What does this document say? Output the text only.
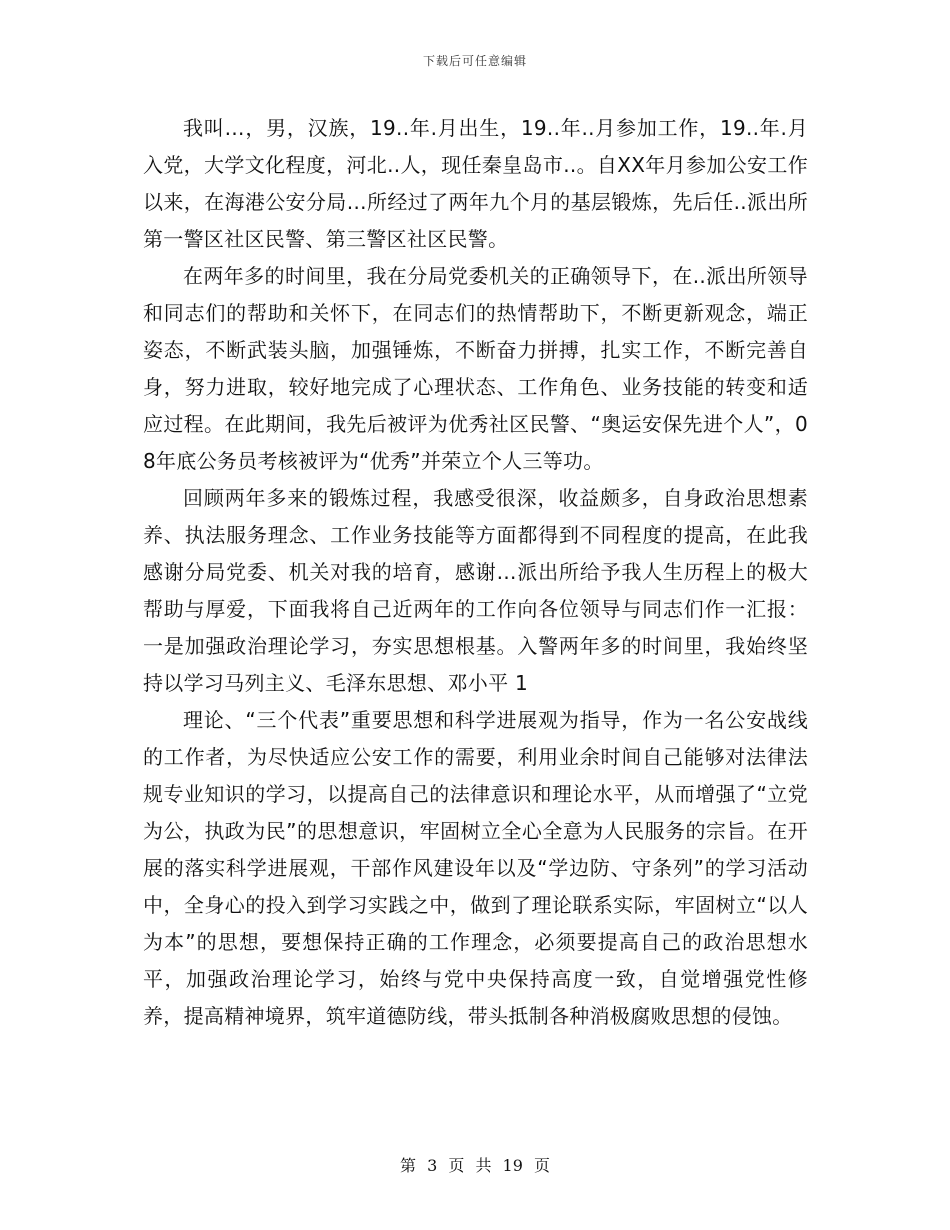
下载后可任意编辑

我叫…，男，汉族，19..年.月出生，19..年..月参加工作，19..年.月入党，大学文化程度，河北..人，现任秦皇岛市..。自XX年月参加公安工作以来，在海港公安分局…所经过了两年九个月的基层锻炼，先后任..派出所第一警区社区民警、第三警区社区民警。

在两年多的时间里，我在分局党委机关的正确领导下，在..派出所领导和同志们的帮助和关怀下，在同志们的热情帮助下，不断更新观念，端正姿态，不断武装头脑，加强锤炼，不断奋力拼搏，扎实工作，不断完善自身，努力进取，较好地完成了心理状态、工作角色、业务技能的转变和适应过程。在此期间，我先后被评为优秀社区民警、“奥运安保先进个人”，08年底公务员考核被评为“优秀”并荣立个人三等功。

回顾两年多来的锻炼过程，我感受很深，收益颇多，自身政治思想素养、执法服务理念、工作业务技能等方面都得到不同程度的提高，在此我感谢分局党委、机关对我的培育，感谢…派出所给予我人生历程上的极大帮助与厚爱，下面我将自己近两年的工作向各位领导与同志们作一汇报： 一是加强政治理论学习，夯实思想根基。入警两年多的时间里，我始终坚持以学习马列主义、毛泽东思想、邓小平 1

理论、“三个代表”重要思想和科学进展观为指导，作为一名公安战线的工作者，为尽快适应公安工作的需要，利用业余时间自己能够对法律法规专业知识的学习，以提高自己的法律意识和理论水平，从而增强了“立党为公，执政为民”的思想意识，牢固树立全心全意为人民服务的宗旨。在开展的落实科学进展观，干部作风建设年以及“学边防、守条列”的学习活动中，全身心的投入到学习实践之中，做到了理论联系实际，牢固树立“以人为本”的思想，要想保持正确的工作理念，必须要提高自己的政治思想水平，加强政治理论学习，始终与党中央保持高度一致，自觉增强党性修养，提高精神境界，筑牢道德防线，带头抵制各种消极腐败思想的侵蚀。

第 3 页 共 19 页
